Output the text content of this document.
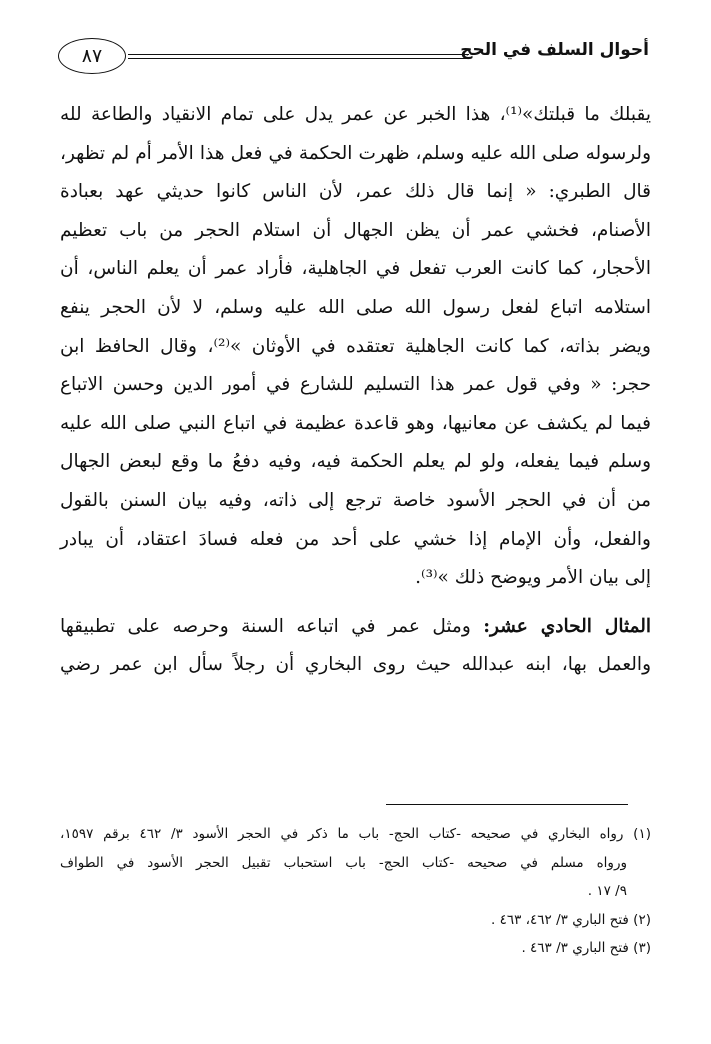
٨٧	أحوال السلف في الحج
يقبلك ما قبلتك»⁽¹⁾، هذا الخبر عن عمر يدل على تمام الانقياد والطاعة لله
ولرسوله صلى الله عليه وسلم، ظهرت الحكمة في فعل هذا الأمر أم لم تظهر،
قال الطبري: « إنما قال ذلك عمر، لأن الناس كانوا حديثي عهد بعبادة
الأصنام، فخشي عمر أن يظن الجهال أن استلام الحجر من باب تعظيم
الأحجار، كما كانت العرب تفعل في الجاهلية، فأراد عمر أن يعلم الناس، أن
استلامه اتباع لفعل رسول الله صلى الله عليه وسلم، لا لأن الحجر ينفع
ويضر بذاته، كما كانت الجاهلية تعتقده في الأوثان »⁽²⁾، وقال الحافظ ابن
حجر: « وفي قول عمر هذا التسليم للشارع في أمور الدين وحسن الاتباع
فيما لم يكشف عن معانيها، وهو قاعدة عظيمة في اتباع النبي صلى الله عليه
وسلم فيما يفعله، ولو لم يعلم الحكمة فيه، وفيه دفعُ ما وقع لبعض الجهال
من أن في الحجر الأسود خاصة ترجع إلى ذاته، وفيه بيان السنن بالقول
والفعل، وأن الإمام إذا خشي على أحد من فعله فسادَ اعتقاد، أن يبادر
إلى بيان الأمر ويوضح ذلك »⁽³⁾.
المثال الحادي عشر: ومثل عمر في اتباعه السنة وحرصه على تطبيقها
والعمل بها، ابنه عبدالله حيث روى البخاري أن رجلاً سأل ابن عمر رضي
(١) رواه البخاري في صحيحه -كتاب الحج- باب ما ذكر في الحجر الأسود ٣/ ٤٦٢ برقم ١٥٩٧،
ورواه مسلم في صحيحه -كتاب الحج- باب استحباب تقبيل الحجر الأسود في الطواف
٩/ ١٧ .
(٢) فتح الباري ٣/ ٤٦٢، ٤٦٣ .
(٣) فتح الباري ٣/ ٤٦٣ .
